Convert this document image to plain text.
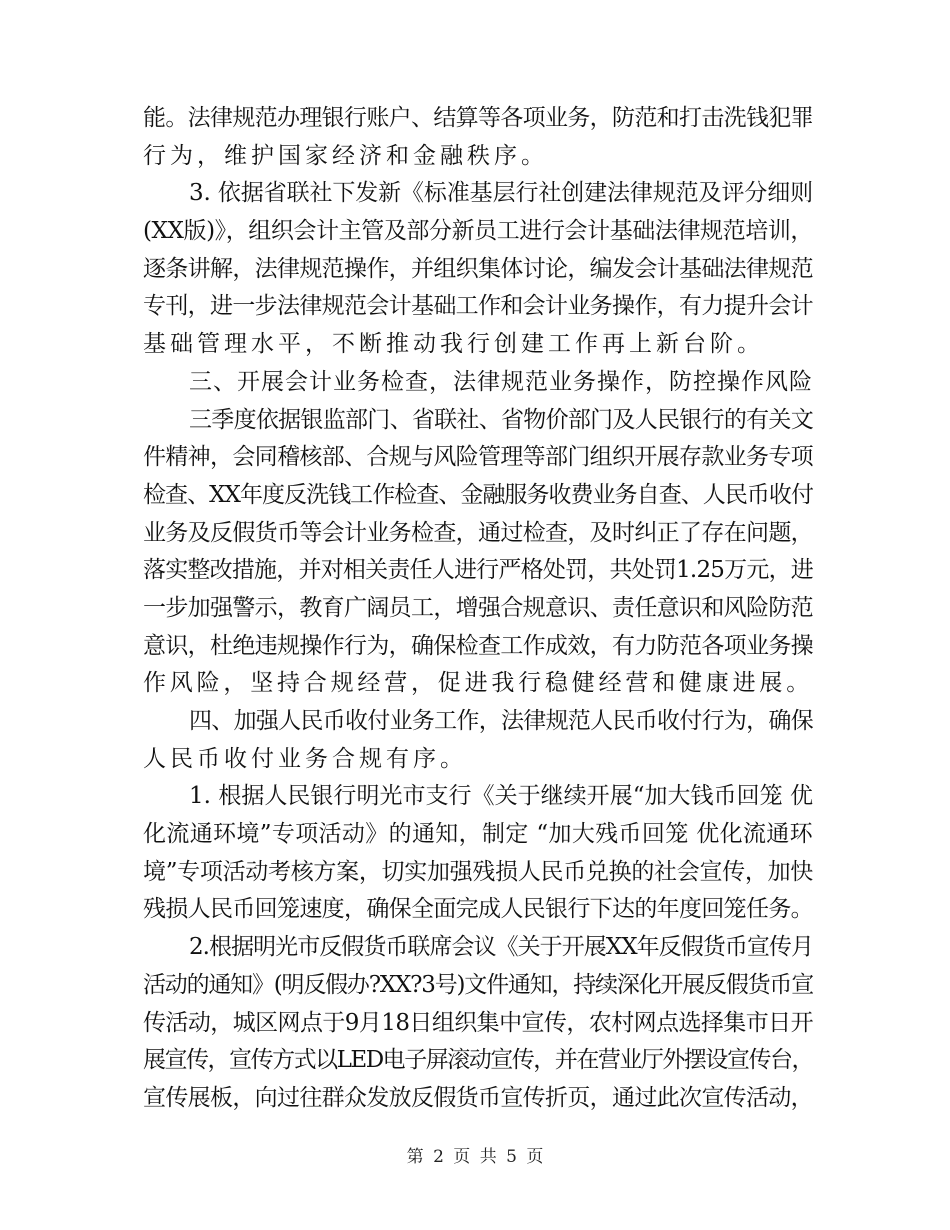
能。法律规范办理银行账户、结算等各项业务，防范和打击洗钱犯罪
行为，维护国家经济和金融秩序。
3. 依据省联社下发新《标准基层行社创建法律规范及评分细则
(XX版)》，组织会计主管及部分新员工进行会计基础法律规范培训，
逐条讲解，法律规范操作，并组织集体讨论，编发会计基础法律规范
专刊，进一步法律规范会计基础工作和会计业务操作，有力提升会计
基础管理水平，不断推动我行创建工作再上新台阶。
三、开展会计业务检查，法律规范业务操作，防控操作风险
三季度依据银监部门、省联社、省物价部门及人民银行的有关文
件精神，会同稽核部、合规与风险管理等部门组织开展存款业务专项
检查、XX年度反洗钱工作检查、金融服务收费业务自查、人民币收付
业务及反假货币等会计业务检查，通过检查，及时纠正了存在问题，
落实整改措施，并对相关责任人进行严格处罚，共处罚1.25万元，进
一步加强警示，教育广阔员工，增强合规意识、责任意识和风险防范
意识，杜绝违规操作行为，确保检查工作成效，有力防范各项业务操
作风险，坚持合规经营，促进我行稳健经营和健康进展。
四、加强人民币收付业务工作，法律规范人民币收付行为，确保
人民币收付业务合规有序。
1. 根据人民银行明光市支行《关于继续开展“加大钱币回笼 优
化流通环境”专项活动》的通知，制定 “加大残币回笼 优化流通环
境”专项活动考核方案，切实加强残损人民币兑换的社会宣传，加快
残损人民币回笼速度，确保全面完成人民银行下达的年度回笼任务。
2.根据明光市反假货币联席会议《关于开展XX年反假货币宣传月
活动的通知》(明反假办?XX?3号)文件通知，持续深化开展反假货币宣
传活动，城区网点于9月18日组织集中宣传，农村网点选择集市日开
展宣传，宣传方式以LED电子屏滚动宣传，并在营业厅外摆设宣传台，
宣传展板，向过往群众发放反假货币宣传折页，通过此次宣传活动，
第 2 页 共 5 页
